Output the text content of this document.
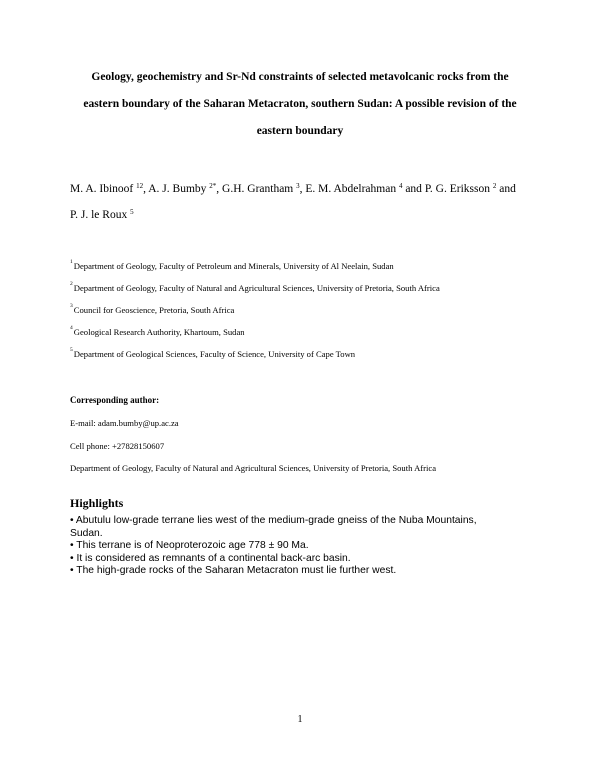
Geology, geochemistry and Sr-Nd constraints of selected metavolcanic rocks from the
eastern boundary of the Saharan Metacraton, southern Sudan: A possible revision of the
eastern boundary
M. A. Ibinoof $^{12}$, A. J. Bumby $^{2*}$, G.H. Grantham $^3$, E. M. Abdelrahman $^4$ and P. G. Eriksson $^2$ and
P. J. le Roux $^5$
$^1$Department of Geology, Faculty of Petroleum and Minerals, University of Al Neelain, Sudan
$^2$Department of Geology, Faculty of Natural and Agricultural Sciences, University of Pretoria, South Africa
$^3$Council for Geoscience, Pretoria, South Africa
$^4$Geological Research Authority, Khartoum, Sudan
$^5$Department of Geological Sciences, Faculty of Science, University of Cape Town
Corresponding author:
E-mail: adam.bumby@up.ac.za
Cell phone: +27828150607
Department of Geology, Faculty of Natural and Agricultural Sciences, University of Pretoria, South Africa
Highlights

• Abutulu low-grade terrane lies west of the medium-grade gneiss of the Nuba Mountains, Sudan.

• This terrane is of Neoproterozoic age 778 ± 90 Ma.

• It is considered as remnants of a continental back-arc basin.

• The high-grade rocks of the Saharan Metacraton must lie further west.

1
